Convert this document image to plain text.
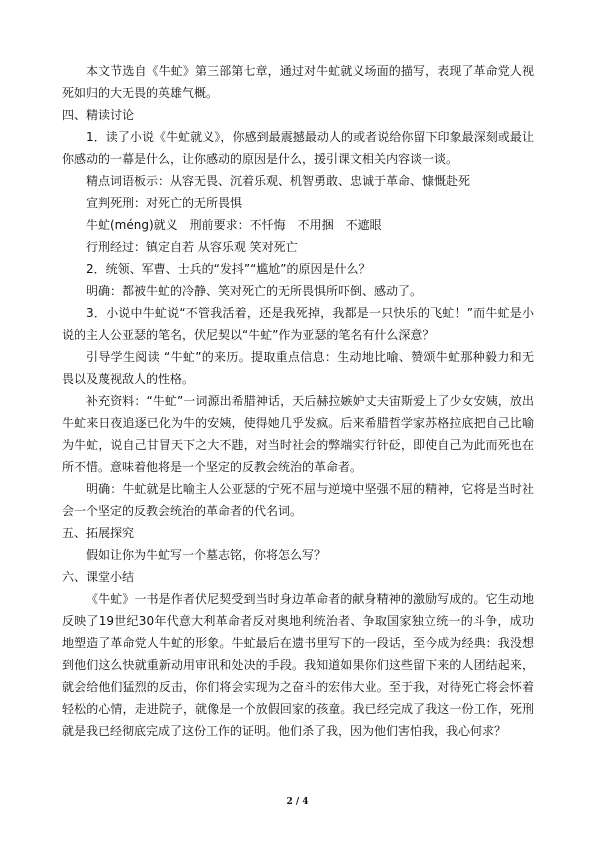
本文节选自《牛虻》第三部第七章，通过对牛虻就义场面的描写，表现了革命党人视死如归的大无畏的英雄气概。

四、精读讨论

1．读了小说《牛虻就义》，你感到最震撼最动人的或者说给你留下印象最深刻或最让你感动的一幕是什么，让你感动的原因是什么，援引课文相关内容谈一谈。

精点词语板示：从容无畏、沉着乐观、机智勇敢、忠诚于革命、慷慨赴死

宣判死刑：对死亡的无所畏惧

牛虻(méng)就义　刑前要求：不忏悔　不用捆　不遮眼

行刑经过：镇定自若 从容乐观 笑对死亡

2．统领、军曹、士兵的“发抖”“尴尬”的原因是什么？

明确：都被牛虻的冷静、笑对死亡的无所畏惧所吓倒、感动了。

3．小说中牛虻说“不管我活着，还是我死掉，我都是一只快乐的飞虻！”而牛虻是小说的主人公亚瑟的笔名，伏尼契以“牛虻”作为亚瑟的笔名有什么深意？

引导学生阅读 “牛虻”的来历。提取重点信息：生动地比喻、赞颂牛虻那种毅力和无畏以及蔑视敌人的性格。

补充资料：“牛虻”一词源出希腊神话，天后赫拉嫉妒丈夫宙斯爱上了少女安姨，放出牛虻来日夜追逐已化为牛的安姨，使得她几乎发疯。后来希腊哲学家苏格拉底把自己比喻为牛虻，说自己甘冒天下之大不韪，对当时社会的弊端实行针砭，即使自己为此而死也在所不惜。意味着他将是一个坚定的反教会统治的革命者。

明确：牛虻就是比喻主人公亚瑟的宁死不屈与逆境中坚强不屈的精神，它将是当时社会一个坚定的反教会统治的革命者的代名词。

五、拓展探究

假如让你为牛虻写一个墓志铭，你将怎么写？

六、课堂小结

《牛虻》一书是作者伏尼契受到当时身边革命者的献身精神的激励写成的。它生动地反映了19世纪30年代意大利革命者反对奥地利统治者、争取国家独立统一的斗争，成功地塑造了革命党人牛虻的形象。牛虻最后在遗书里写下的一段话，至今成为经典：我没想到他们这么快就重新动用审讯和处决的手段。我知道如果你们这些留下来的人团结起来，就会给他们猛烈的反击，你们将会实现为之奋斗的宏伟大业。至于我，对待死亡将会怀着轻松的心情，走进院子，就像是一个放假回家的孩童。我已经完成了我这一份工作，死刑就是我已经彻底完成了这份工作的证明。他们杀了我，因为他们害怕我，我心何求？

2 / 4
